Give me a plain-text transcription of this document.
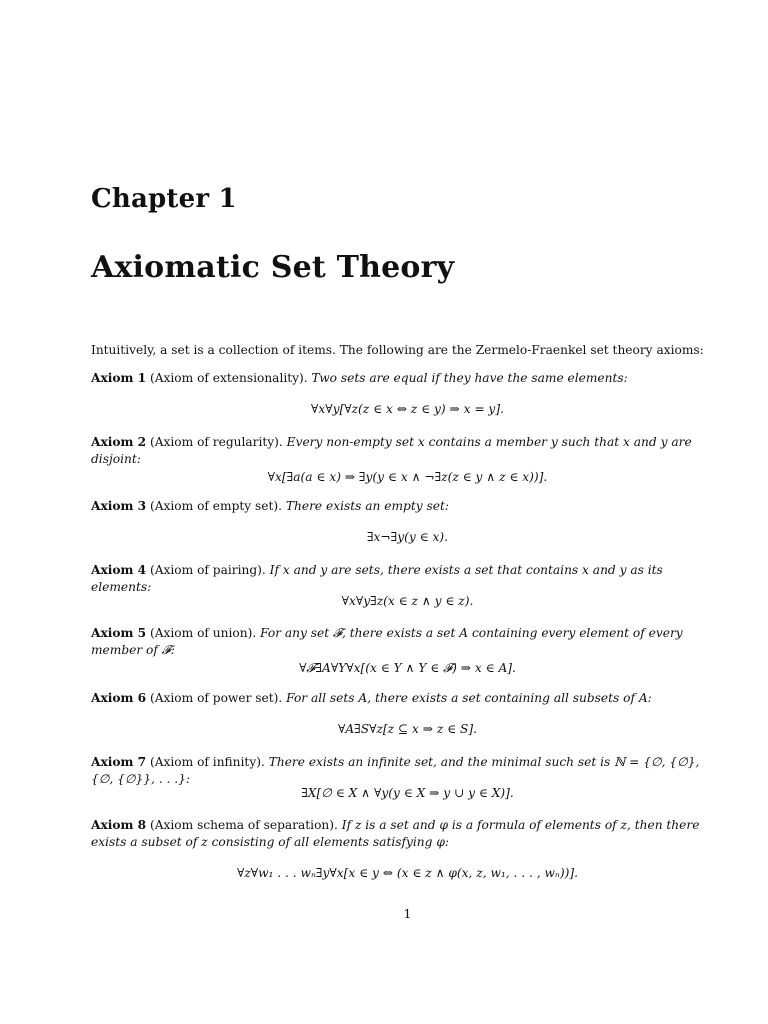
Chapter 1
Axiomatic Set Theory
Intuitively, a set is a collection of items. The following are the Zermelo-Fraenkel set theory axioms:
Axiom 1 (Axiom of extensionality). Two sets are equal if they have the same elements:
∀x∀y[∀z(z ∈ x ⇔ z ∈ y) ⇒ x = y].
Axiom 2 (Axiom of regularity). Every non-empty set x contains a member y such that x and y are disjoint:
∀x[∃a(a ∈ x) ⇒ ∃y(y ∈ x ∧ ¬∃z(z ∈ y ∧ z ∈ x))].
Axiom 3 (Axiom of empty set). There exists an empty set:
∃x¬∃y(y ∈ x).
Axiom 4 (Axiom of pairing). If x and y are sets, there exists a set that contains x and y as its elements:
∀x∀y∃z(x ∈ z ∧ y ∈ z).
Axiom 5 (Axiom of union). For any set 𝓕, there exists a set A containing every element of every member of 𝓕:
∀𝓕∃A∀Y∀x[(x ∈ Y ∧ Y ∈ 𝓕) ⇒ x ∈ A].
Axiom 6 (Axiom of power set). For all sets A, there exists a set containing all subsets of A:
∀A∃S∀z[z ⊆ x ⇒ z ∈ S].
Axiom 7 (Axiom of infinity). There exists an infinite set, and the minimal such set is ℕ = {∅, {∅}, {∅, {∅}}, . . .}:
∃X[∅ ∈ X ∧ ∀y(y ∈ X ⇒ y ∪ y ∈ X)].
Axiom 8 (Axiom schema of separation). If z is a set and φ is a formula of elements of z, then there exists a subset of z consisting of all elements satisfying φ:
∀z∀w₁ . . . wₙ∃y∀x[x ∈ y ⇔ (x ∈ z ∧ φ(x, z, w₁, . . . , wₙ))].
1
